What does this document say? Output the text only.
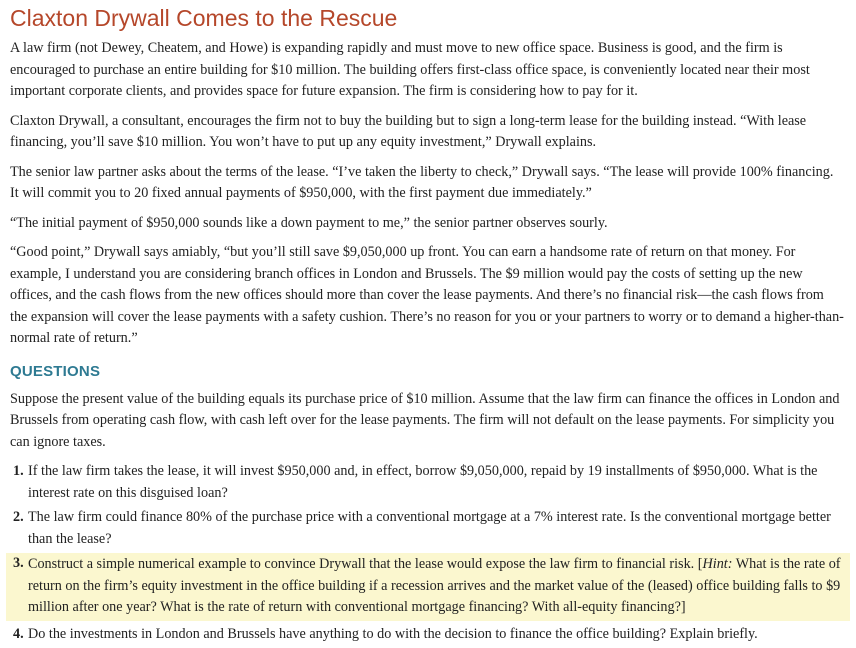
Claxton Drywall Comes to the Rescue

A law firm (not Dewey, Cheatem, and Howe) is expanding rapidly and must move to new office space. Business is good, and the firm is encouraged to purchase an entire building for $10 million. The building offers first-class office space, is conveniently located near their most important corporate clients, and provides space for future expansion. The firm is considering how to pay for it.

Claxton Drywall, a consultant, encourages the firm not to buy the building but to sign a long-term lease for the building instead. “With lease financing, you’ll save $10 million. You won’t have to put up any equity investment,” Drywall explains.

The senior law partner asks about the terms of the lease. “I’ve taken the liberty to check,” Drywall says. “The lease will provide 100% financing. It will commit you to 20 fixed annual payments of $950,000, with the first payment due immediately.”

“The initial payment of $950,000 sounds like a down payment to me,” the senior partner observes sourly.

“Good point,” Drywall says amiably, “but you’ll still save $9,050,000 up front. You can earn a handsome rate of return on that money. For example, I understand you are considering branch offices in London and Brussels. The $9 million would pay the costs of setting up the new offices, and the cash flows from the new offices should more than cover the lease payments. And there’s no financial risk—the cash flows from the expansion will cover the lease payments with a safety cushion. There’s no reason for you or your partners to worry or to demand a higher-than-normal rate of return.”

QUESTIONS

Suppose the present value of the building equals its purchase price of $10 million. Assume that the law firm can finance the offices in London and Brussels from operating cash flow, with cash left over for the lease payments. The firm will not default on the lease payments. For simplicity you can ignore taxes.

1. If the law firm takes the lease, it will invest $950,000 and, in effect, borrow $9,050,000, repaid by 19 installments of $950,000. What is the interest rate on this disguised loan?
2. The law firm could finance 80% of the purchase price with a conventional mortgage at a 7% interest rate. Is the conventional mortgage better than the lease?
3. Construct a simple numerical example to convince Drywall that the lease would expose the law firm to financial risk. [Hint: What is the rate of return on the firm’s equity investment in the office building if a recession arrives and the market value of the (leased) office building falls to $9 million after one year? What is the rate of return with conventional mortgage financing? With all-equity financing?]
4. Do the investments in London and Brussels have anything to do with the decision to finance the office building? Explain briefly.
